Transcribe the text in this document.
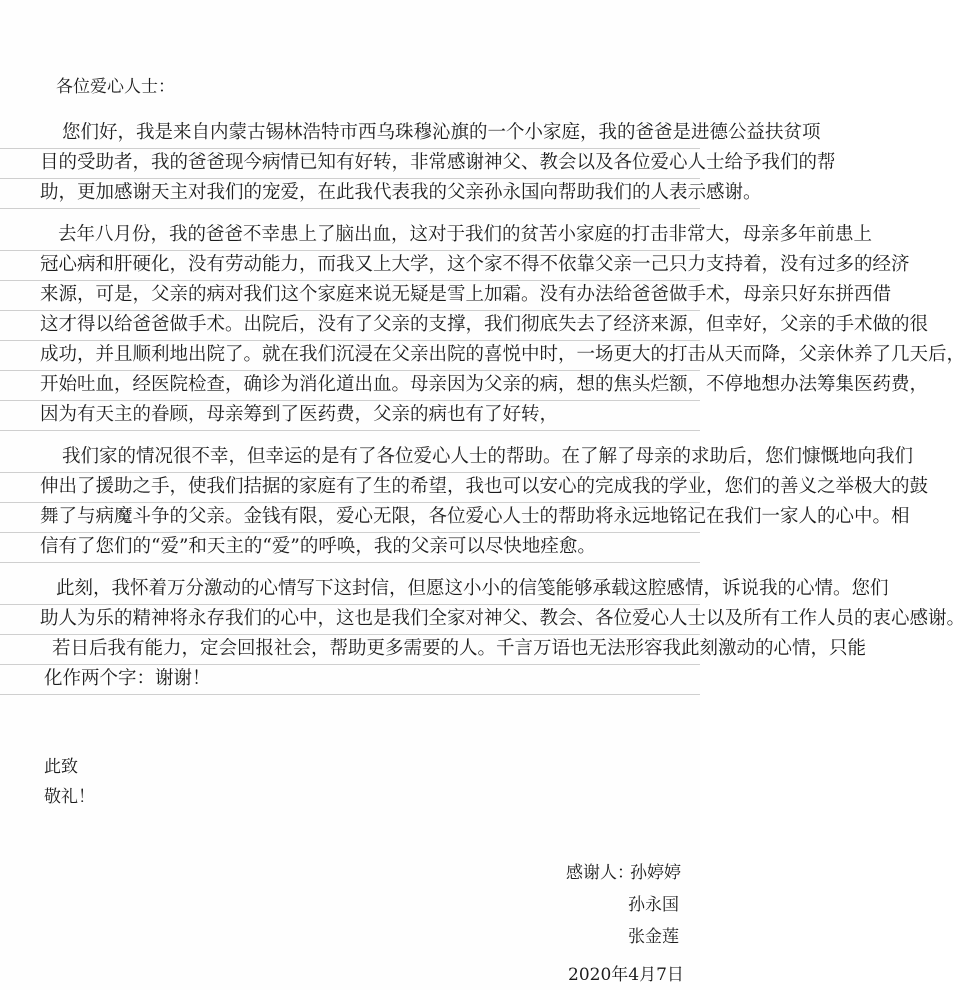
各位爱心人士：
您们好，我是来自内蒙古锡林浩特市西乌珠穆沁旗的一个小家庭，我的爸爸是进德公益扶贫项
目的受助者，我的爸爸现今病情已知有好转，非常感谢神父、教会以及各位爱心人士给予我们的帮
助，更加感谢天主对我们的宠爱，在此我代表我的父亲孙永国向帮助我们的人表示感谢。
去年八月份，我的爸爸不幸患上了脑出血，这对于我们的贫苦小家庭的打击非常大，母亲多年前患上
冠心病和肝硬化，没有劳动能力，而我又上大学，这个家不得不依靠父亲一己只力支持着，没有过多的经济
来源，可是，父亲的病对我们这个家庭来说无疑是雪上加霜。没有办法给爸爸做手术，母亲只好东拼西借
这才得以给爸爸做手术。出院后，没有了父亲的支撑，我们彻底失去了经济来源，但幸好，父亲的手术做的很
成功，并且顺利地出院了。就在我们沉浸在父亲出院的喜悦中时，一场更大的打击从天而降，父亲休养了几天后，
开始吐血，经医院检查，确诊为消化道出血。母亲因为父亲的病，想的焦头烂额，不停地想办法筹集医药费，
因为有天主的眷顾，母亲筹到了医药费，父亲的病也有了好转，
我们家的情况很不幸，但幸运的是有了各位爱心人士的帮助。在了解了母亲的求助后，您们慷慨地向我们
伸出了援助之手，使我们拮据的家庭有了生的希望，我也可以安心的完成我的学业，您们的善义之举极大的鼓
舞了与病魔斗争的父亲。金钱有限，爱心无限，各位爱心人士的帮助将永远地铭记在我们一家人的心中。相
信有了您们的“爱”和天主的“爱”的呼唤，我的父亲可以尽快地痊愈。
此刻，我怀着万分激动的心情写下这封信，但愿这小小的信笺能够承载这腔感情，诉说我的心情。您们
助人为乐的精神将永存我们的心中，这也是我们全家对神父、教会、各位爱心人士以及所有工作人员的衷心感谢。
若日后我有能力，定会回报社会，帮助更多需要的人。千言万语也无法形容我此刻激动的心情，只能
化作两个字：谢谢！
此致
敬礼！
感谢人：
孙婷婷
孙永国
张金莲
2020年4月7日
